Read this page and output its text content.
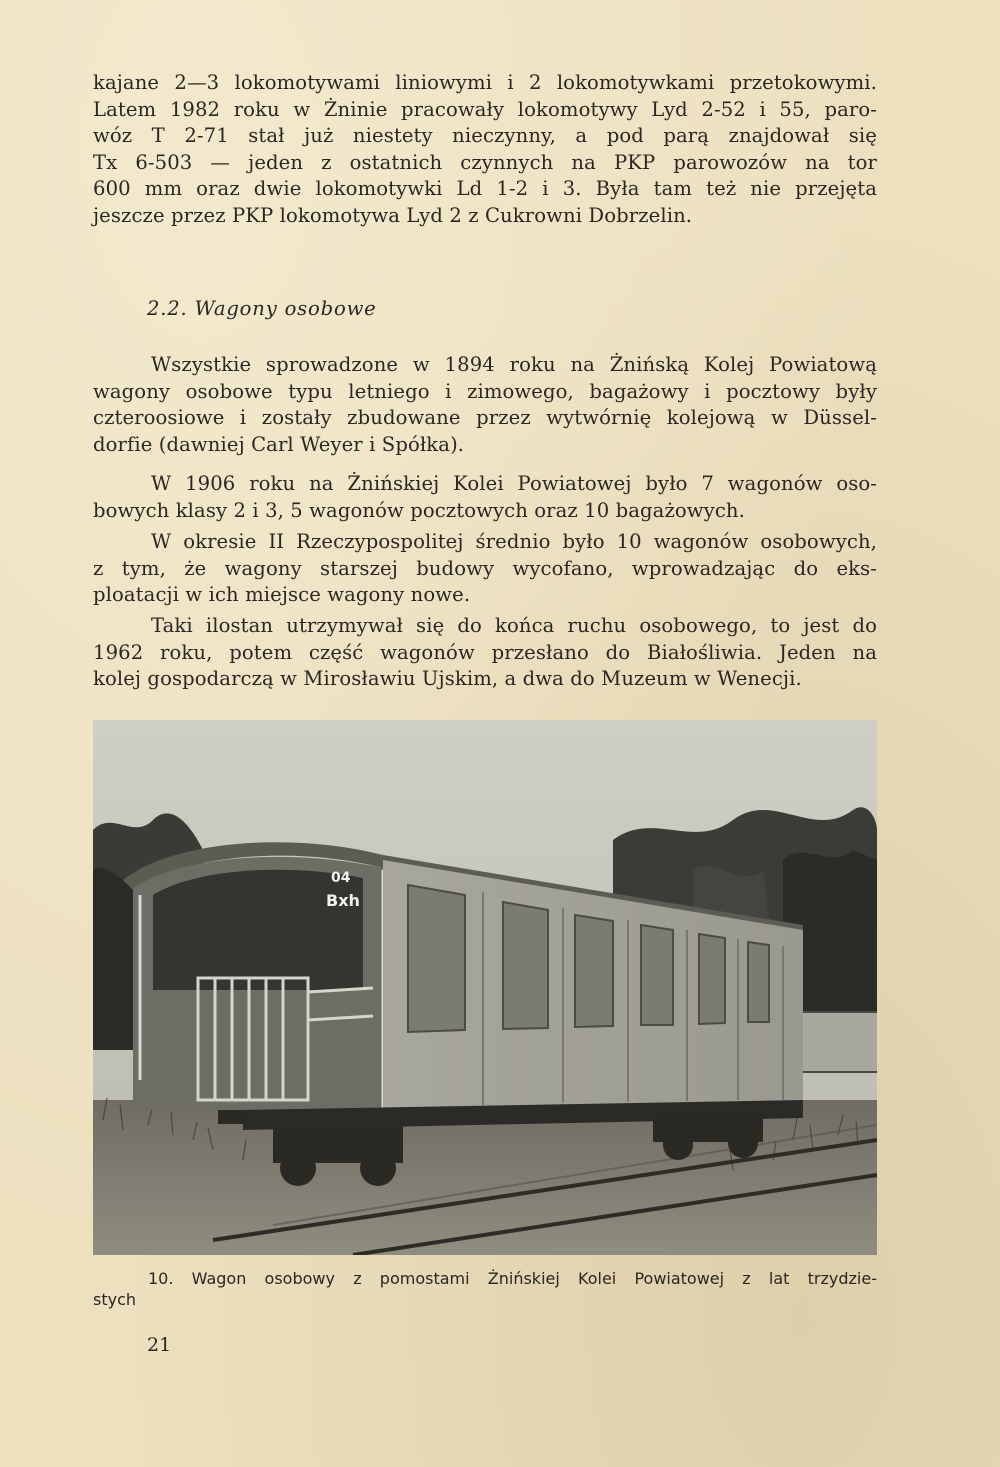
kajane 2—3 lokomotywami liniowymi i 2 lokomotywkami przetokowymi.

Latem 1982 roku w Żninie pracowały lokomotywy Lyd 2-52 i 55, paro-

wóz T 2-71 stał już niestety nieczynny, a pod parą znajdował się

Tx 6-503 — jeden z ostatnich czynnych na PKP parowozów na tor

600 mm oraz dwie lokomotywki Ld 1-2 i 3. Była tam też nie przejęta

jeszcze przez PKP lokomotywa Lyd 2 z Cukrowni Dobrzelin.

2.2. Wagony osobowe

Wszystkie sprowadzone w 1894 roku na Żnińską Kolej Powiatową

wagony osobowe typu letniego i zimowego, bagażowy i pocztowy były

czteroosiowe i zostały zbudowane przez wytwórnię kolejową w Düssel-

dorfie (dawniej Carl Weyer i Spółka).

W 1906 roku na Żnińskiej Kolei Powiatowej było 7 wagonów oso-

bowych klasy 2 i 3, 5 wagonów pocztowych oraz 10 bagażowych.

W okresie II Rzeczypospolitej średnio było 10 wagonów osobowych,

z tym, że wagony starszej budowy wycofano, wprowadzając do eks-

ploatacji w ich miejsce wagony nowe.

Taki ilostan utrzymywał się do końca ruchu osobowego, to jest do

1962 roku, potem część wagonów przesłano do Białośliwia. Jeden na

kolej gospodarczą w Mirosławiu Ujskim, a dwa do Muzeum w Wenecji.

04
Bxh
10. Wagon osobowy z pomostami Żnińskiej Kolei Powiatowej z lat trzydzie-
stych
21
